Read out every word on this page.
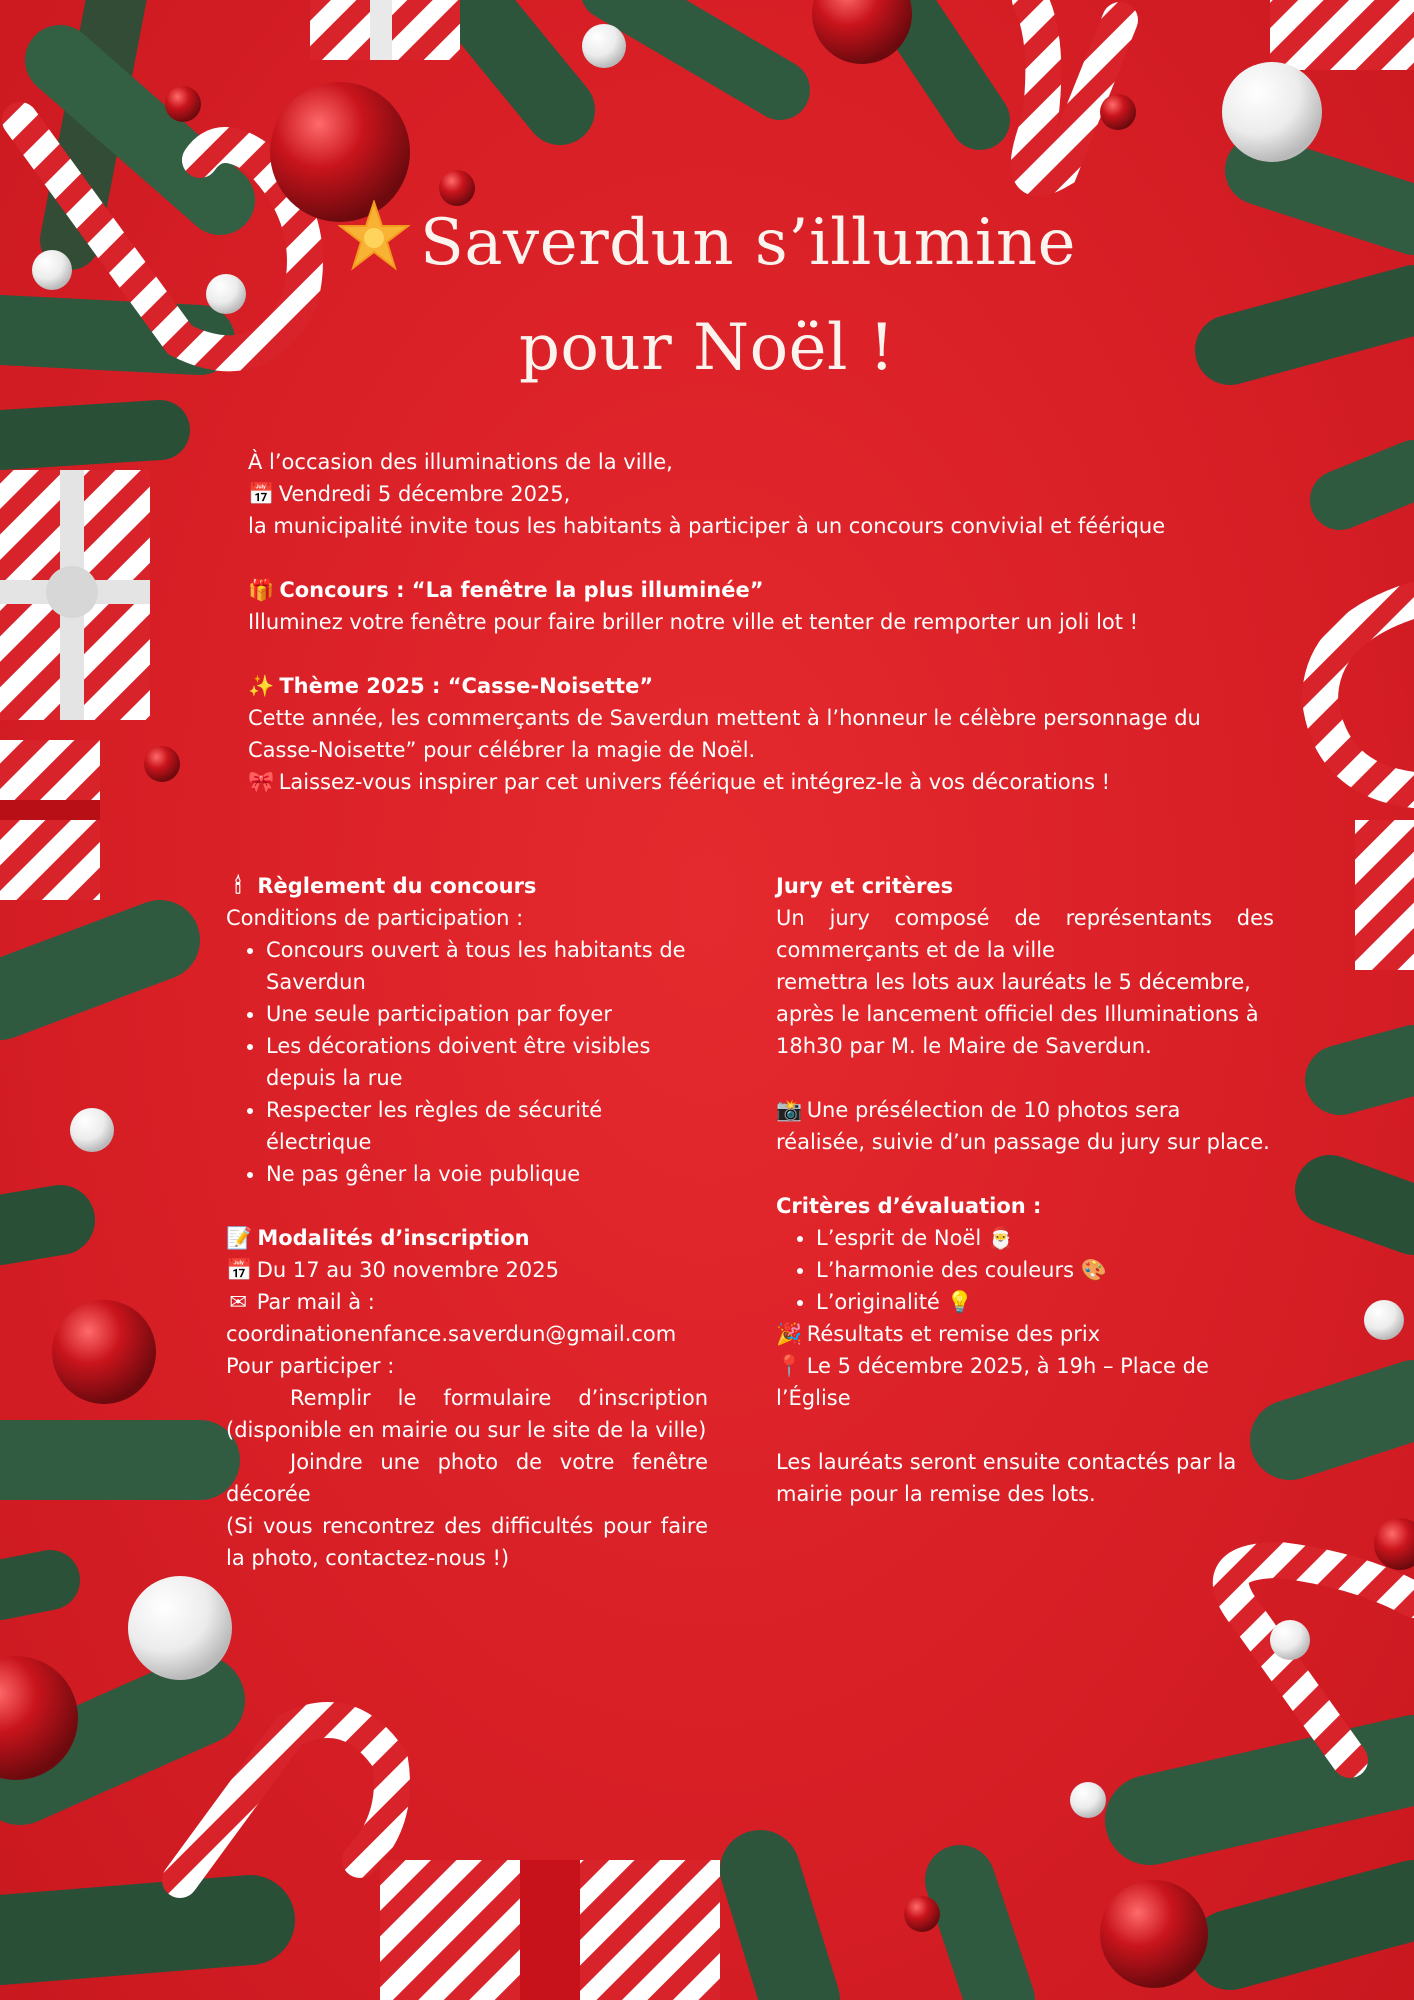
Saverdun s’illumine
pour Noël !

À l’occasion des illuminations de la ville,

📅 Vendredi 5 décembre 2025,

la municipalité invite tous les habitants à participer à un concours convivial et féérique

🎁 Concours : “La fenêtre la plus illuminée”

Illuminez votre fenêtre pour faire briller notre ville et tenter de remporter un joli lot !

✨ Thème 2025 : “Casse-Noisette”

Cette année, les commerçants de Saverdun mettent à l’honneur le célèbre personnage du Casse-Noisette” pour célébrer la magie de Noël.

🎀 Laissez-vous inspirer par cet univers féérique et intégrez-le à vos décorations !

🕯 Règlement du concours

Conditions de participation :

• Concours ouvert à tous les habitants de Saverdun
• Une seule participation par foyer
• Les décorations doivent être visibles depuis la rue
• Respecter les règles de sécurité électrique
• Ne pas gêner la voie publique

📝 Modalités d’inscription

📅 Du 17 au 30 novembre 2025

✉ Par mail à :

coordinationenfance.saverdun@gmail.com

Pour participer :

Remplir le formulaire d’inscription (disponible en mairie ou sur le site de la ville)

Joindre une photo de votre fenêtre décorée

(Si vous rencontrez des difficultés pour faire la photo, contactez-nous !)

Jury et critères

Un jury composé de représentants des commerçants et de la ville

remettra les lots aux lauréats le 5 décembre, après le lancement officiel des Illuminations à 18h30 par M. le Maire de Saverdun.

📸 Une présélection de 10 photos sera réalisée, suivie d’un passage du jury sur place.

Critères d’évaluation :

• L’esprit de Noël 🎅
• L’harmonie des couleurs 🎨
• L’originalité 💡

🎉 Résultats et remise des prix

📍 Le 5 décembre 2025, à 19h – Place de l’Église

Les lauréats seront ensuite contactés par la mairie pour la remise des lots.
